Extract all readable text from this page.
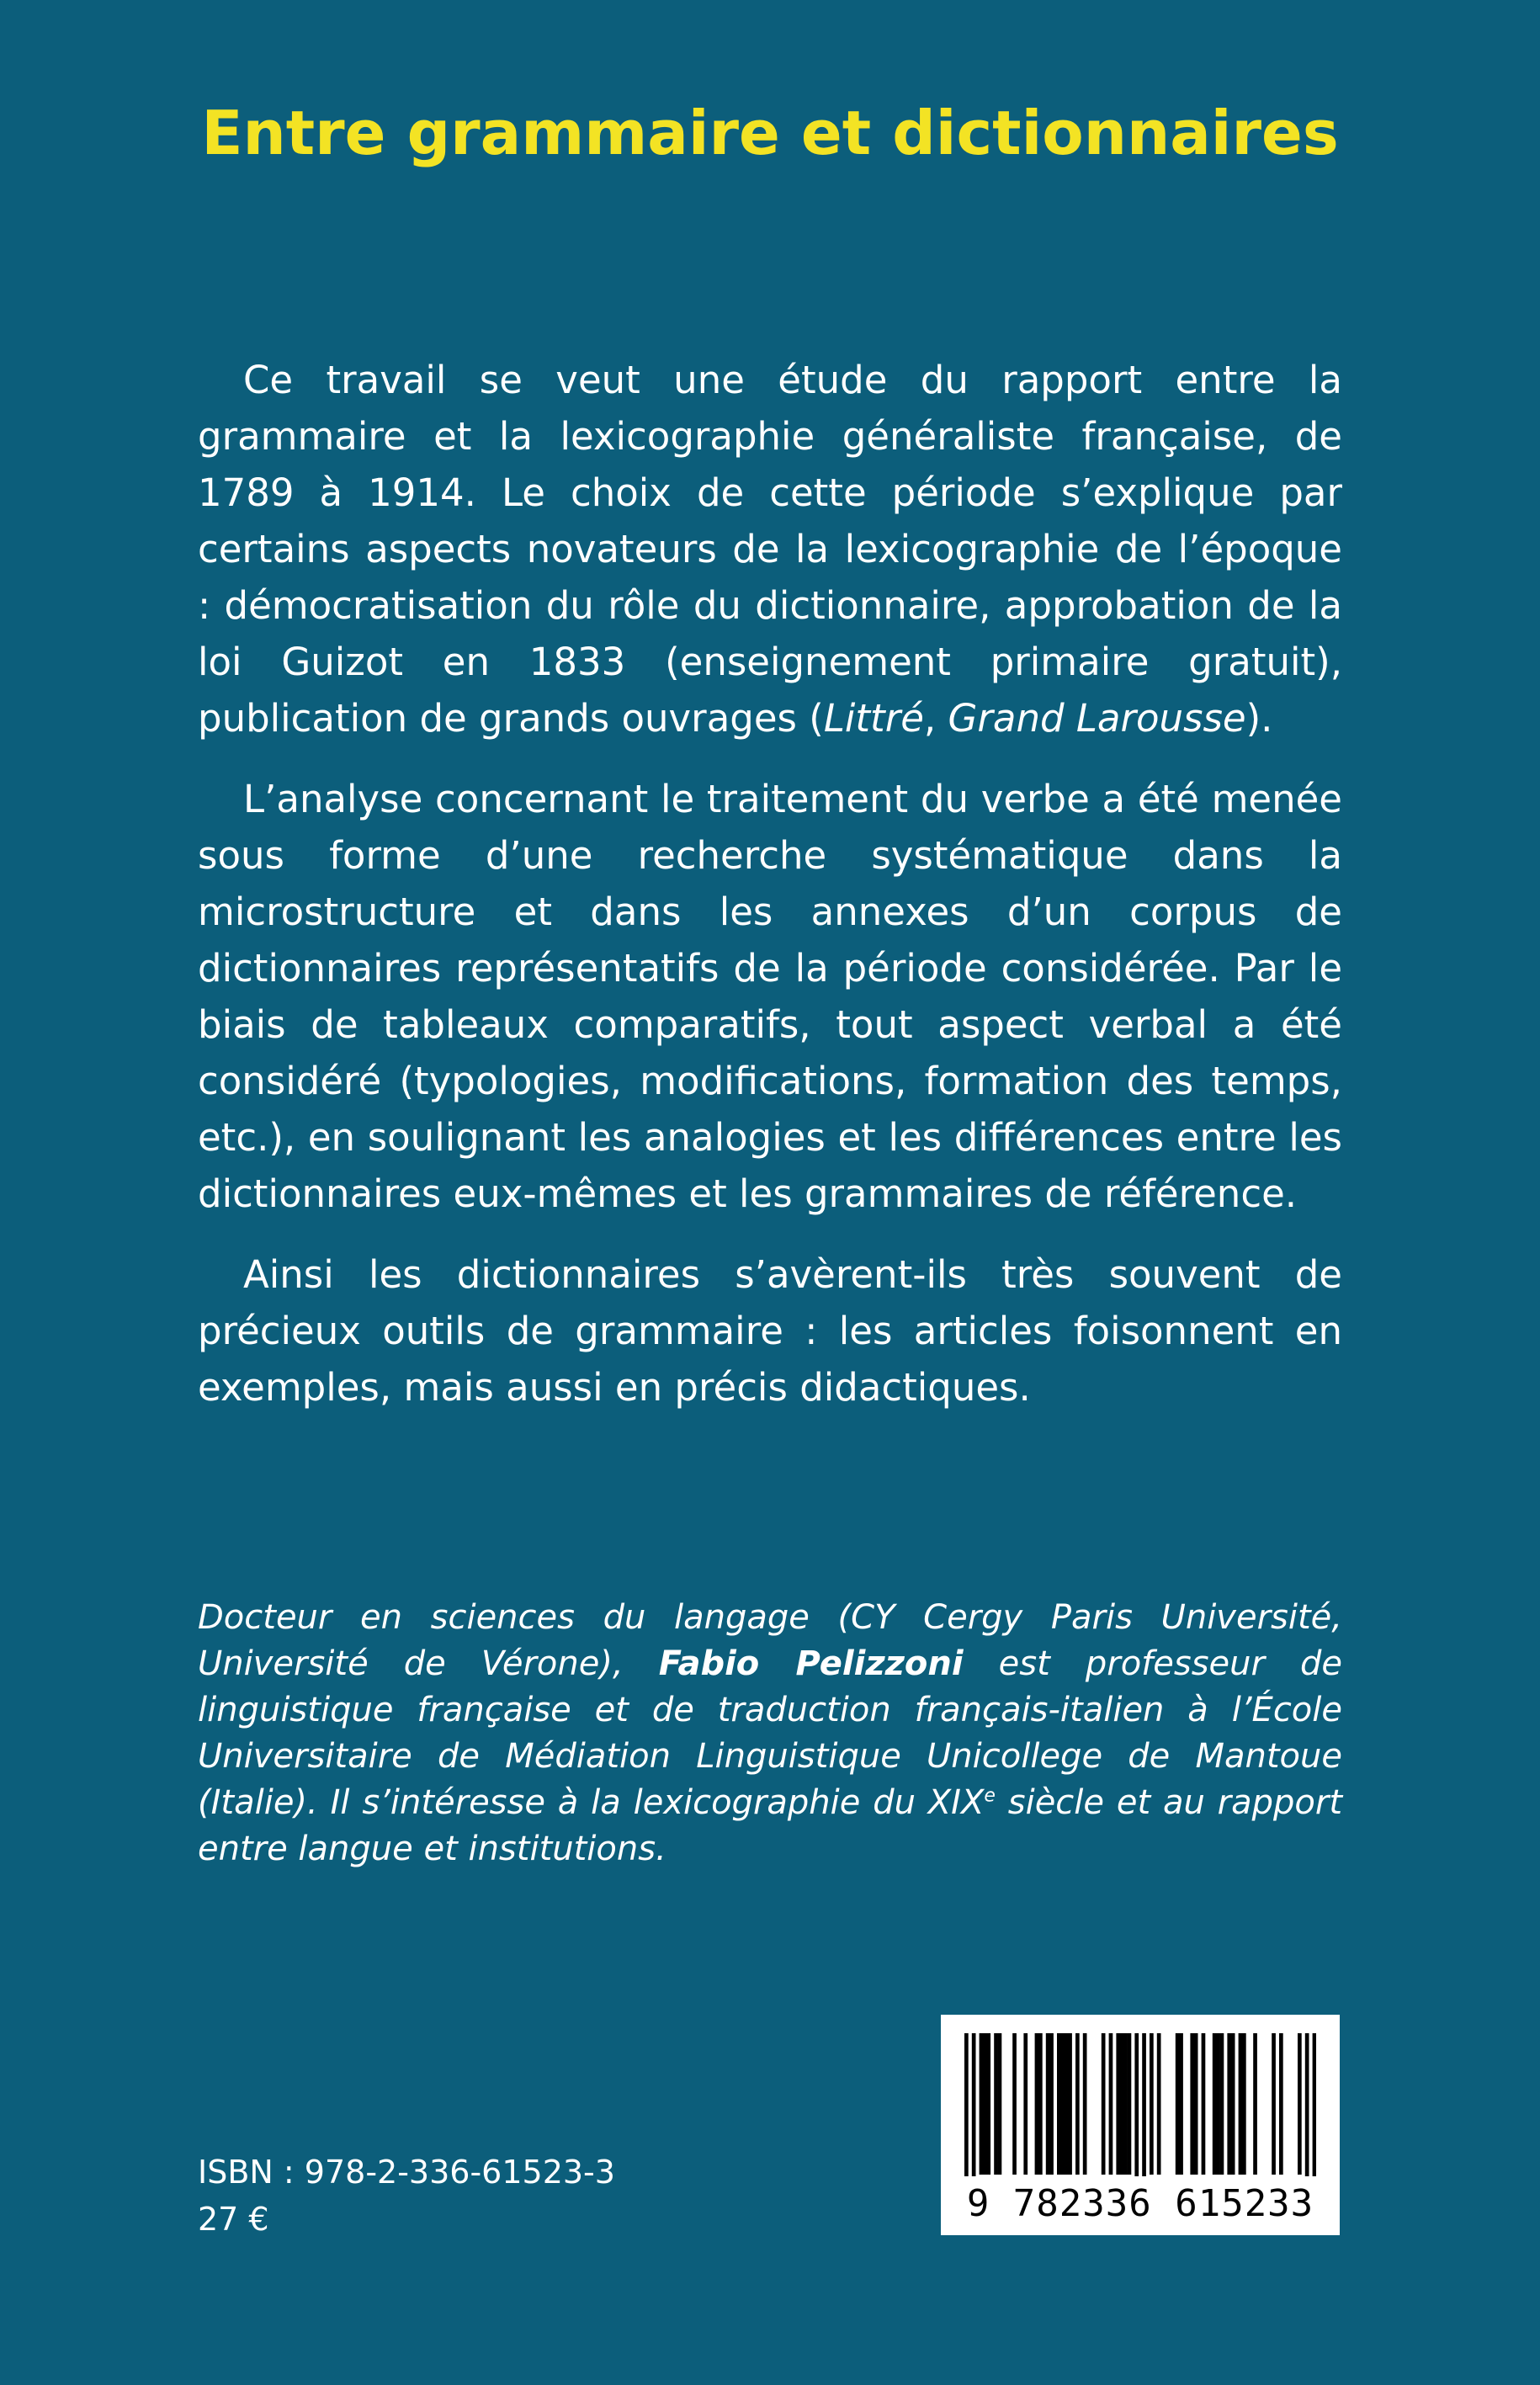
Entre grammaire et dictionnaires

Ce travail se veut une étude du rapport entre la grammaire et la lexicographie généraliste française, de 1789 à 1914. Le choix de cette période s’explique par certains aspects novateurs de la lexicographie de l’époque : démocratisation du rôle du dictionnaire, approbation de la loi Guizot en 1833 (enseignement primaire gratuit), publication de grands ouvrages (Littré, Grand Larousse).

L’analyse concernant le traitement du verbe a été menée sous forme d’une recherche systématique dans la microstructure et dans les annexes d’un corpus de dictionnaires représentatifs de la période considérée. Par le biais de tableaux comparatifs, tout aspect verbal a été considéré (typologies, modifications, formation des temps, etc.), en soulignant les analogies et les différences entre les dictionnaires eux-mêmes et les grammaires de référence.

Ainsi les dictionnaires s’avèrent-ils très souvent de précieux outils de grammaire : les articles foisonnent en exemples, mais aussi en précis didactiques.

Docteur en sciences du langage (CY Cergy Paris Université, Université de Vérone), Fabio Pelizzoni est professeur de linguistique française et de traduction français-italien à l’École Universitaire de Médiation Linguistique Unicollege de Mantoue (Italie). Il s’intéresse à la lexicographie du XIXe siècle et au rapport entre langue et institutions.

ISBN : 978-2-336-61523-3
27 €	9 782336 615233
